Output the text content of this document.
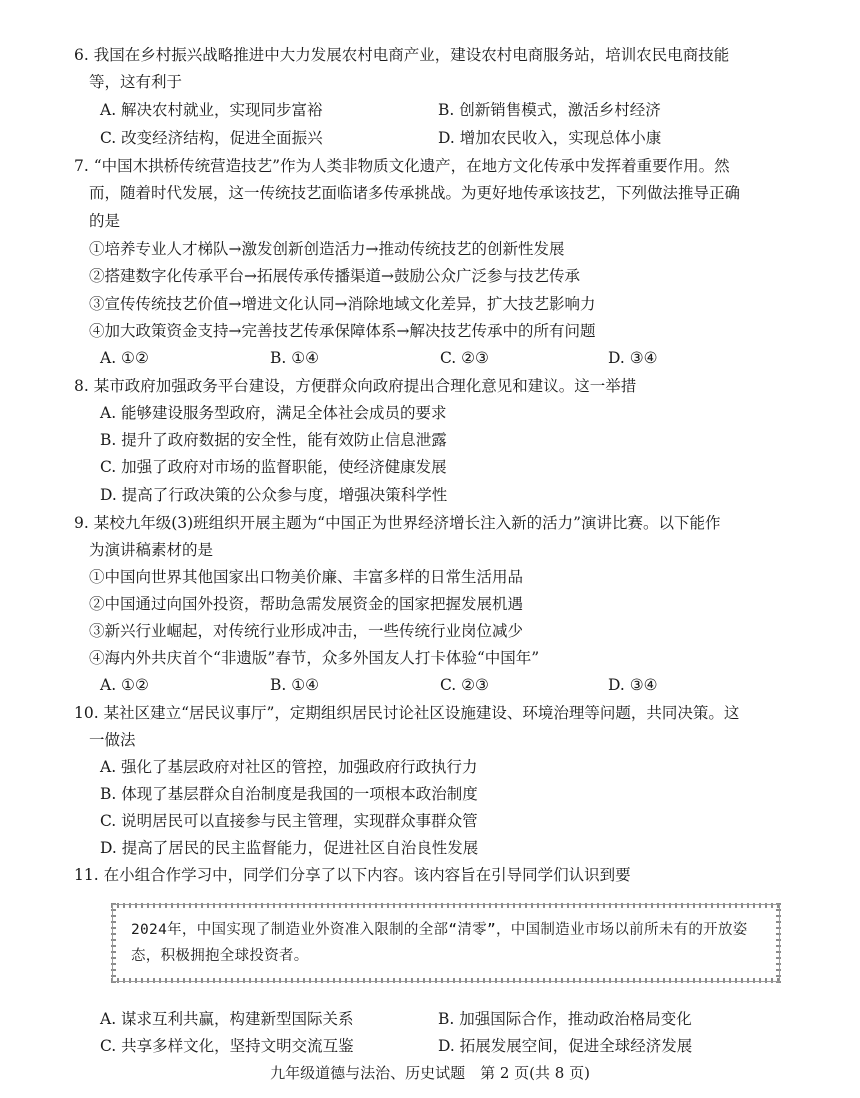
6. 我国在乡村振兴战略推进中大力发展农村电商产业，建设农村电商服务站，培训农民电商技能
等，这有利于
A. 解决农村就业，实现同步富裕	B. 创新销售模式，激活乡村经济
C. 改变经济结构，促进全面振兴	D. 增加农民收入，实现总体小康
7. “中国木拱桥传统营造技艺”作为人类非物质文化遗产，在地方文化传承中发挥着重要作用。然
而，随着时代发展，这一传统技艺面临诸多传承挑战。为更好地传承该技艺，下列做法推导正确
的是
①培养专业人才梯队→激发创新创造活力→推动传统技艺的创新性发展
②搭建数字化传承平台→拓展传承传播渠道→鼓励公众广泛参与技艺传承
③宣传传统技艺价值→增进文化认同→消除地域文化差异，扩大技艺影响力
④加大政策资金支持→完善技艺传承保障体系→解决技艺传承中的所有问题
A. ①②	B. ①④	C. ②③	D. ③④
8. 某市政府加强政务平台建设，方便群众向政府提出合理化意见和建议。这一举措
A. 能够建设服务型政府，满足全体社会成员的要求
B. 提升了政府数据的安全性，能有效防止信息泄露
C. 加强了政府对市场的监督职能，使经济健康发展
D. 提高了行政决策的公众参与度，增强决策科学性
9. 某校九年级(3)班组织开展主题为“中国正为世界经济增长注入新的活力”演讲比赛。以下能作
为演讲稿素材的是
①中国向世界其他国家出口物美价廉、丰富多样的日常生活用品
②中国通过向国外投资，帮助急需发展资金的国家把握发展机遇
③新兴行业崛起，对传统行业形成冲击，一些传统行业岗位减少
④海内外共庆首个“非遗版”春节，众多外国友人打卡体验“中国年”
A. ①②	B. ①④	C. ②③	D. ③④
10. 某社区建立“居民议事厅”，定期组织居民讨论社区设施建设、环境治理等问题，共同决策。这
一做法
A. 强化了基层政府对社区的管控，加强政府行政执行力
B. 体现了基层群众自治制度是我国的一项根本政治制度
C. 说明居民可以直接参与民主管理，实现群众事群众管
D. 提高了居民的民主监督能力，促进社区自治良性发展
11. 在小组合作学习中，同学们分享了以下内容。该内容旨在引导同学们认识到要
2024年，中国实现了制造业外资准入限制的全部“清零”，中国制造业市场以前所未有的开放姿态，积极拥抱全球投资者。
A. 谋求互利共赢，构建新型国际关系	B. 加强国际合作，推动政治格局变化
C. 共享多样文化，坚持文明交流互鉴	D. 拓展发展空间，促进全球经济发展
九年级道德与法治、历史试题　第 2 页(共 8 页)
